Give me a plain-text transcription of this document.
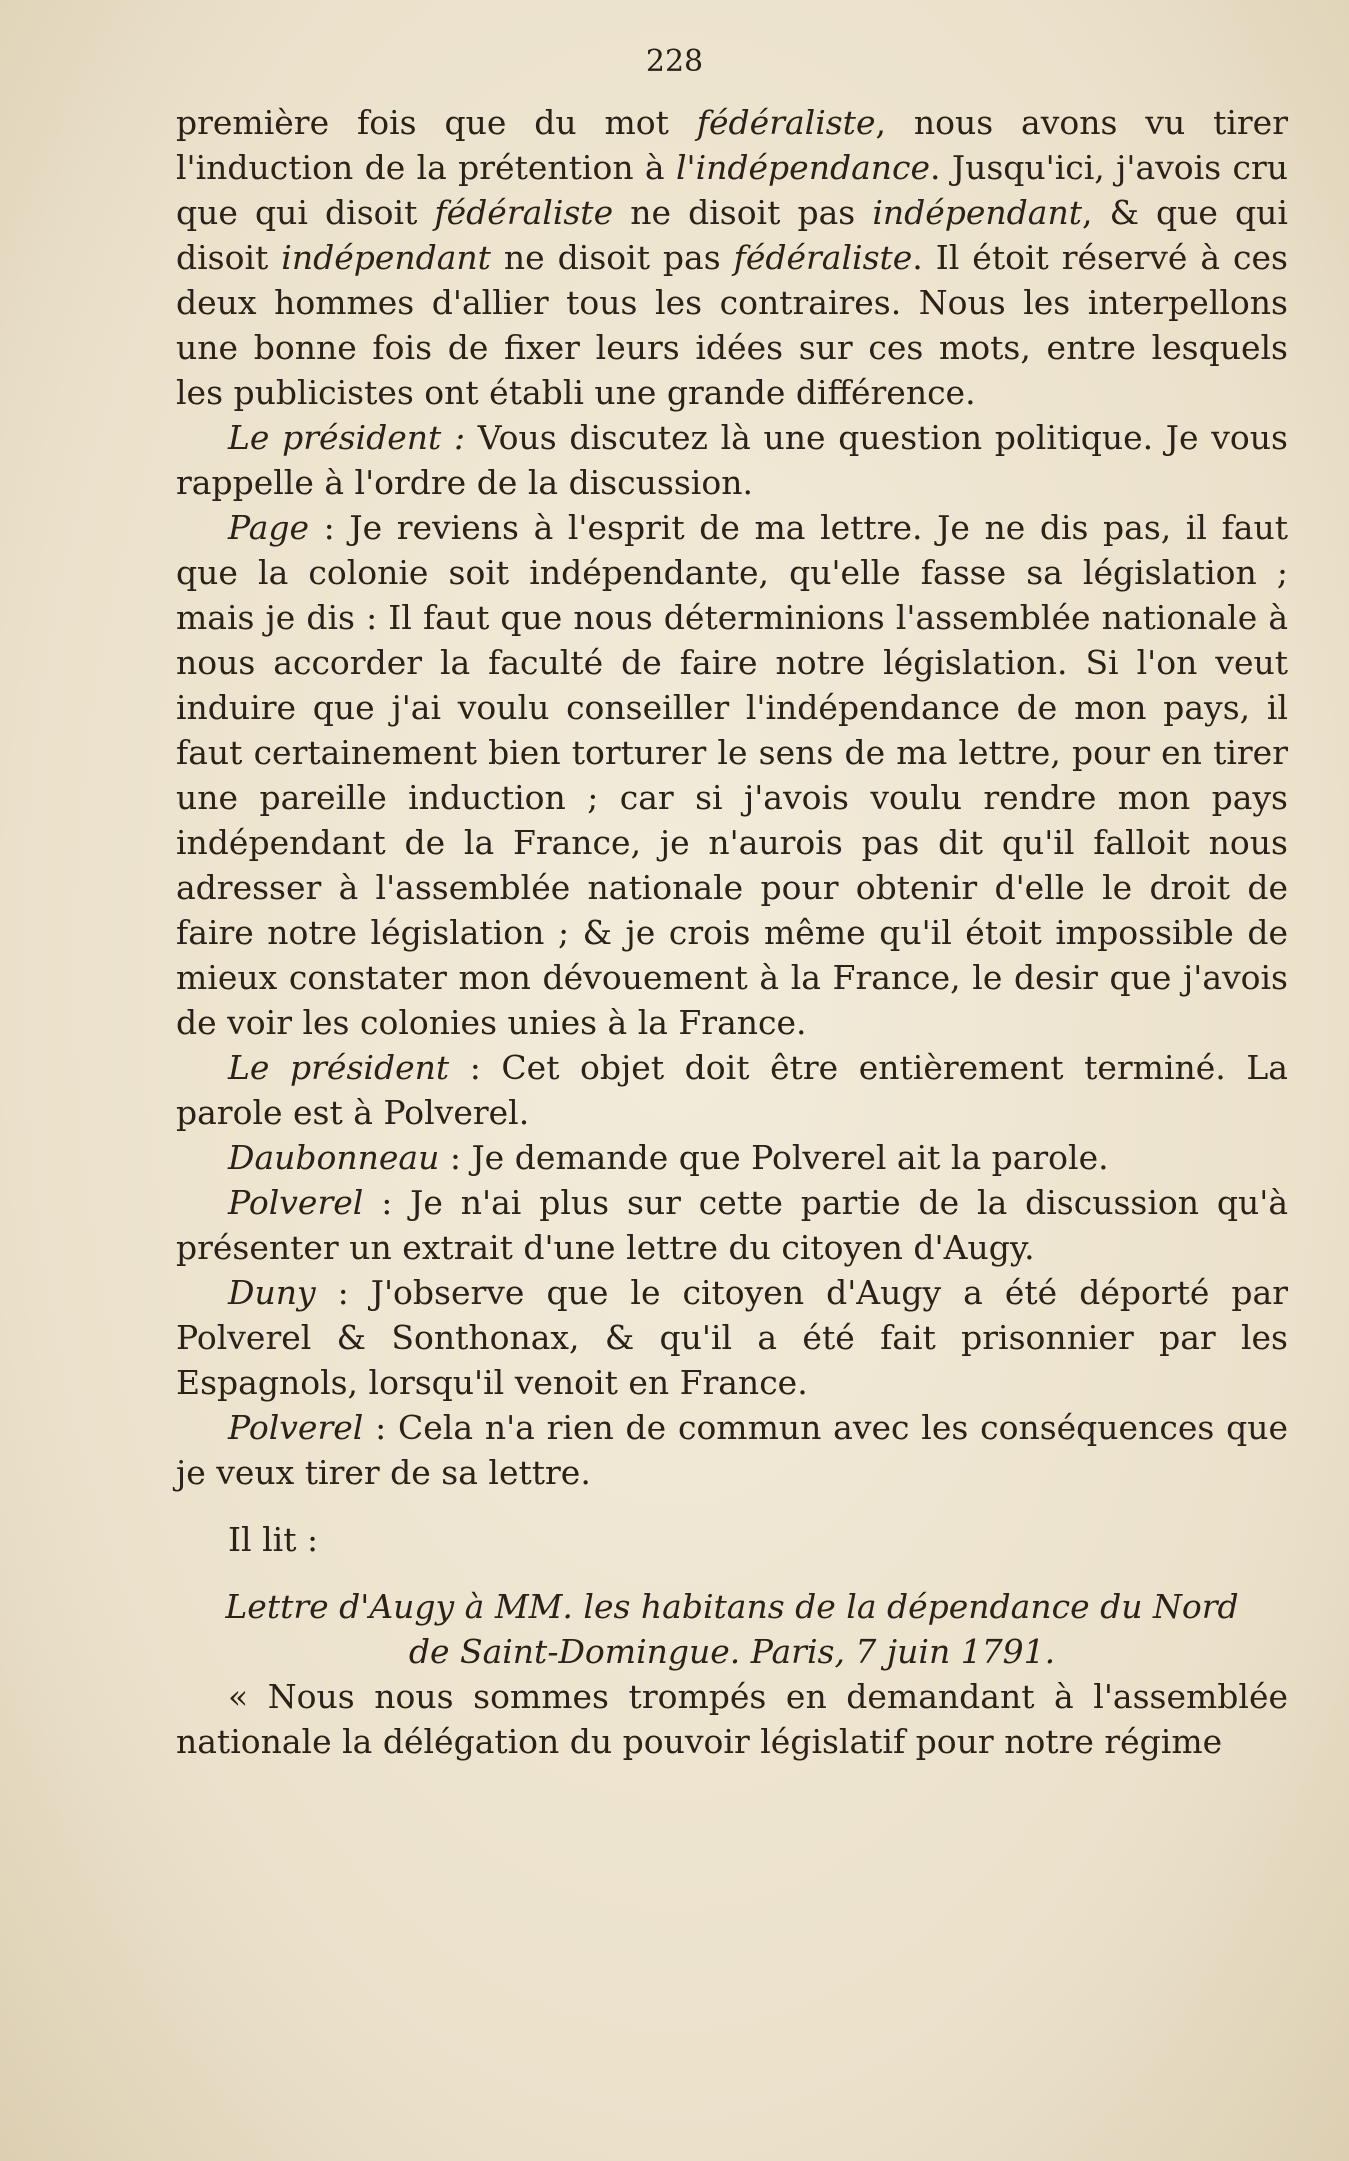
228

première fois que du mot fédéraliste, nous avons vu tirer l'induction de la prétention à l'indépendance. Jusqu'ici, j'avois cru que qui disoit fédéraliste ne disoit pas indépendant, & que qui disoit indépendant ne disoit pas fédéraliste. Il étoit réservé à ces deux hommes d'allier tous les contraires. Nous les interpellons une bonne fois de fixer leurs idées sur ces mots, entre lesquels les publicistes ont établi une grande différence.

Le président : Vous discutez là une question politique. Je vous rappelle à l'ordre de la discussion.

Page : Je reviens à l'esprit de ma lettre. Je ne dis pas, il faut que la colonie soit indépendante, qu'elle fasse sa législation ; mais je dis : Il faut que nous déterminions l'assemblée nationale à nous accorder la faculté de faire notre législation. Si l'on veut induire que j'ai voulu conseiller l'indépendance de mon pays, il faut certainement bien torturer le sens de ma lettre, pour en tirer une pareille induction ; car si j'avois voulu rendre mon pays indépendant de la France, je n'aurois pas dit qu'il falloit nous adresser à l'assemblée nationale pour obtenir d'elle le droit de faire notre législation ; & je crois même qu'il étoit impossible de mieux constater mon dévouement à la France, le desir que j'avois de voir les colonies unies à la France.

Le président : Cet objet doit être entièrement terminé. La parole est à Polverel.

Daubonneau : Je demande que Polverel ait la parole.

Polverel : Je n'ai plus sur cette partie de la discussion qu'à présenter un extrait d'une lettre du citoyen d'Augy.

Duny : J'observe que le citoyen d'Augy a été déporté par Polverel & Sonthonax, & qu'il a été fait prisonnier par les Espagnols, lorsqu'il venoit en France.

Polverel : Cela n'a rien de commun avec les conséquences que je veux tirer de sa lettre.

Il lit :

Lettre d'Augy à MM. les habitans de la dépendance du Nord
de Saint-Domingue. Paris, 7 juin 1791.

« Nous nous sommes trompés en demandant à l'assemblée nationale la délégation du pouvoir législatif pour notre régime
